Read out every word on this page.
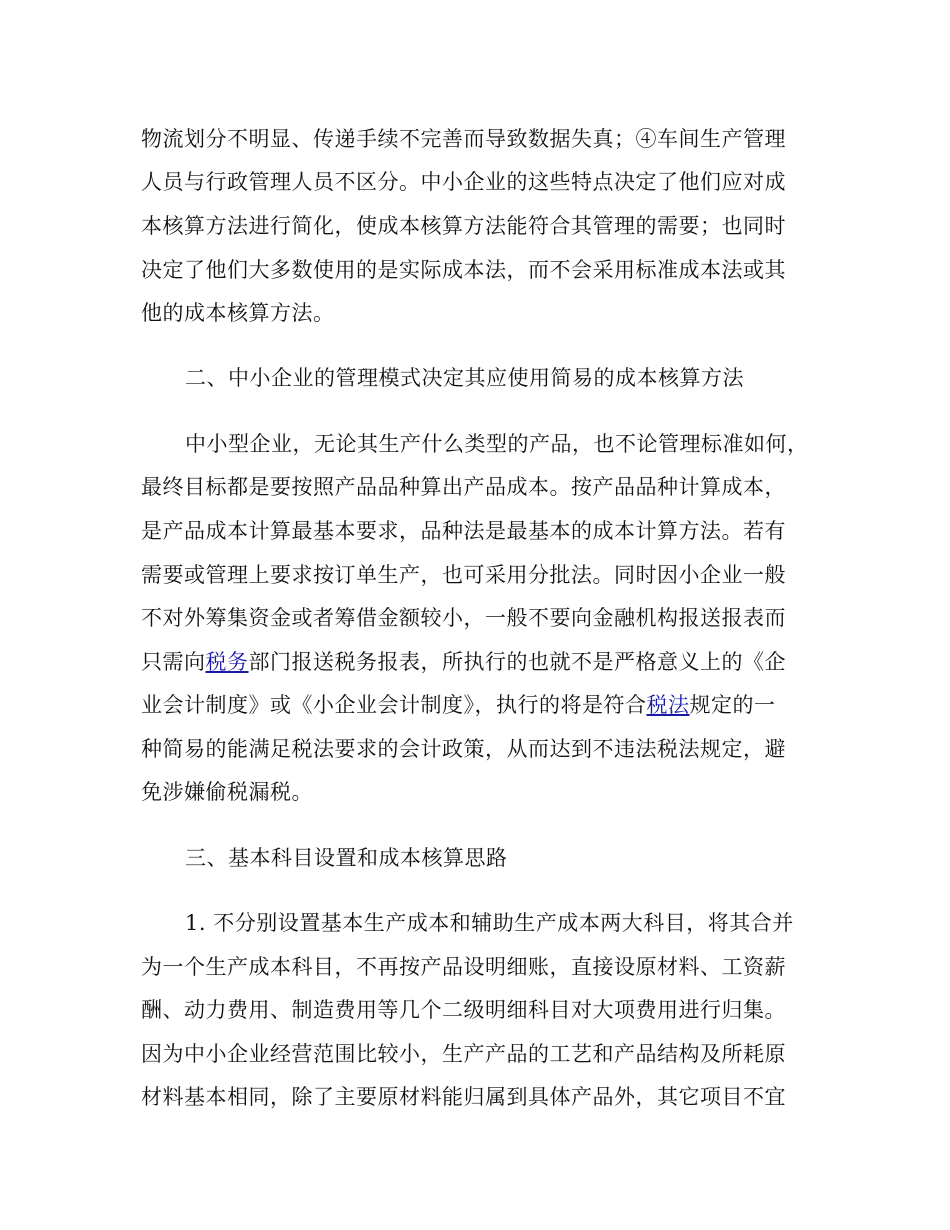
物流划分不明显、传递手续不完善而导致数据失真；④车间生产管理
人员与行政管理人员不区分。中小企业的这些特点决定了他们应对成
本核算方法进行简化，使成本核算方法能符合其管理的需要；也同时
决定了他们大多数使用的是实际成本法，而不会采用标准成本法或其
他的成本核算方法。
二、中小企业的管理模式决定其应使用简易的成本核算方法
中小型企业，无论其生产什么类型的产品，也不论管理标准如何，
最终目标都是要按照产品品种算出产品成本。按产品品种计算成本，
是产品成本计算最基本要求，品种法是最基本的成本计算方法。若有
需要或管理上要求按订单生产，也可采用分批法。同时因小企业一般
不对外筹集资金或者筹借金额较小，一般不要向金融机构报送报表而
只需向税务部门报送税务报表，所执行的也就不是严格意义上的《企
业会计制度》或《小企业会计制度》，执行的将是符合税法规定的一
种简易的能满足税法要求的会计政策，从而达到不违法税法规定，避
免涉嫌偷税漏税。
三、基本科目设置和成本核算思路
1. 不分别设置基本生产成本和辅助生产成本两大科目，将其合并
为一个生产成本科目，不再按产品设明细账，直接设原材料、工资薪
酬、动力费用、制造费用等几个二级明细科目对大项费用进行归集。
因为中小企业经营范围比较小，生产产品的工艺和产品结构及所耗原
材料基本相同，除了主要原材料能归属到具体产品外，其它项目不宜
